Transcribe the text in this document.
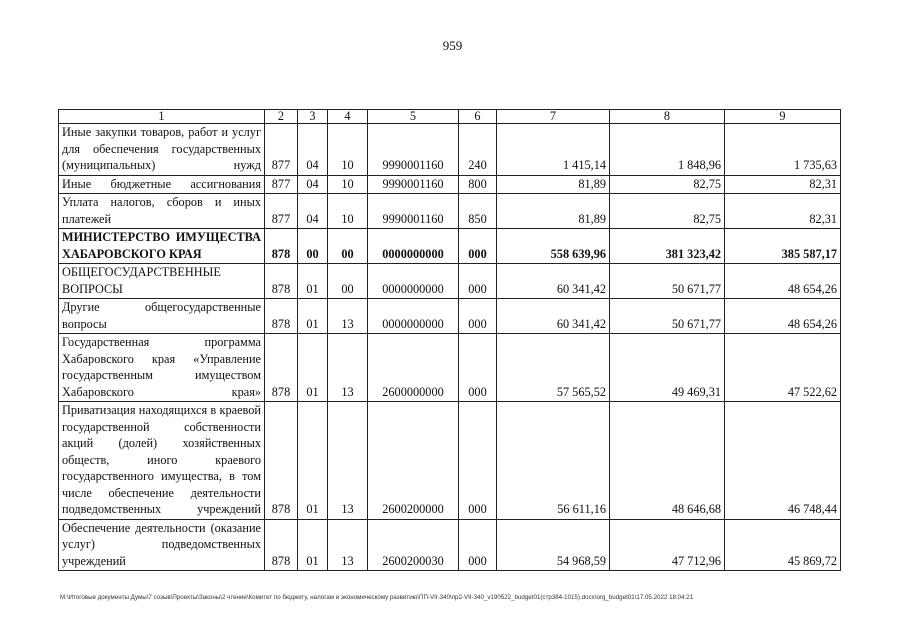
959
1	2	3	4	5	6	7	8	9
Иные закупки товаров, работ и услуг для обеспечения государственных (муниципальных) нужд	877	04	10	9990001160	240	1 415,14	1 848,96	1 735,63
Иные бюджетные ассигнования	877	04	10	9990001160	800	81,89	82,75	82,31
Уплата налогов, сборов и иных платежей	877	04	10	9990001160	850	81,89	82,75	82,31
МИНИСТЕРСТВО ИМУЩЕСТВА ХАБАРОВСКОГО КРАЯ	878	00	00	0000000000	000	558 639,96	381 323,42	385 587,17
ОБЩЕГОСУДАРСТВЕННЫЕ ВОПРОСЫ	878	01	00	0000000000	000	60 341,42	50 671,77	48 654,26
Другие общегосударственные вопросы	878	01	13	0000000000	000	60 341,42	50 671,77	48 654,26
Государственная программа Хабаровского края «Управление государственным имуществом Хабаровского края»	878	01	13	2600000000	000	57 565,52	49 469,31	47 522,62
Приватизация находящихся в краевой государственной собственности акций (долей) хозяйственных обществ, иного краевого государственного имущества, в том числе обеспечение деятельности подведомственных учреждений	878	01	13	2600200000	000	56 611,16	48 646,68	46 748,44
Обеспечение деятельности (оказание услуг) подведомственных учреждений	878	01	13	2600200030	000	54 968,59	47 712,96	45 869,72
M:\Итоговые документы Думы\7 созыв\Проекты\Законы\2 чтение\Комитет по бюджету, налогам и экономическому развитию\ПП-VII-340\пр2-VII-340_v190522_budget01(стр384-1015).docx\org_budget01\17.05.2022 18:04:21
